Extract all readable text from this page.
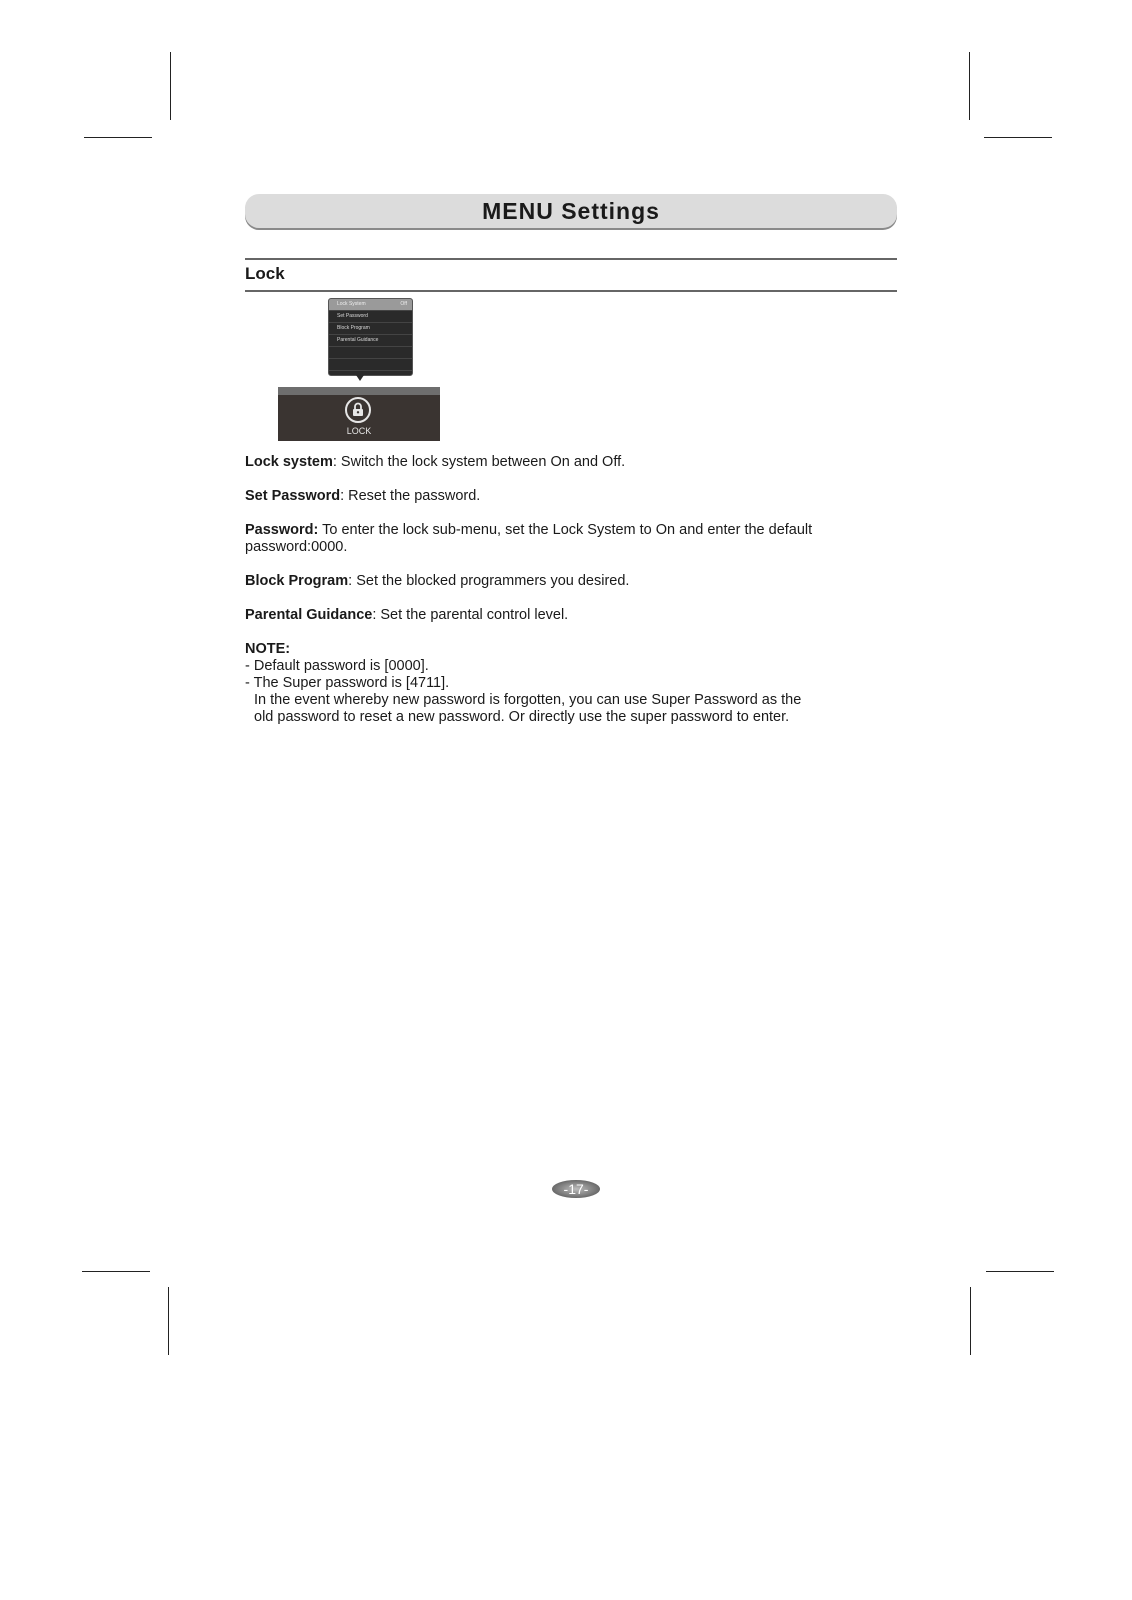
MENU Settings
Lock
Lock System	Off
Set Password
Block Program
Parental Guidance
LOCK

Lock system: Switch the lock system between On and Off.

Set Password: Reset the password.

Password: To enter the lock sub-menu, set the Lock System to On and enter the default password:0000.

Block Program: Set the blocked programmers you desired.

Parental Guidance: Set the parental control level.

NOTE:
- Default password is [0000].
- The Super password is [4711].
In the event whereby new password is forgotten, you can use Super Password as the
old password to reset a new password. Or directly use the super password to enter.
-17-
